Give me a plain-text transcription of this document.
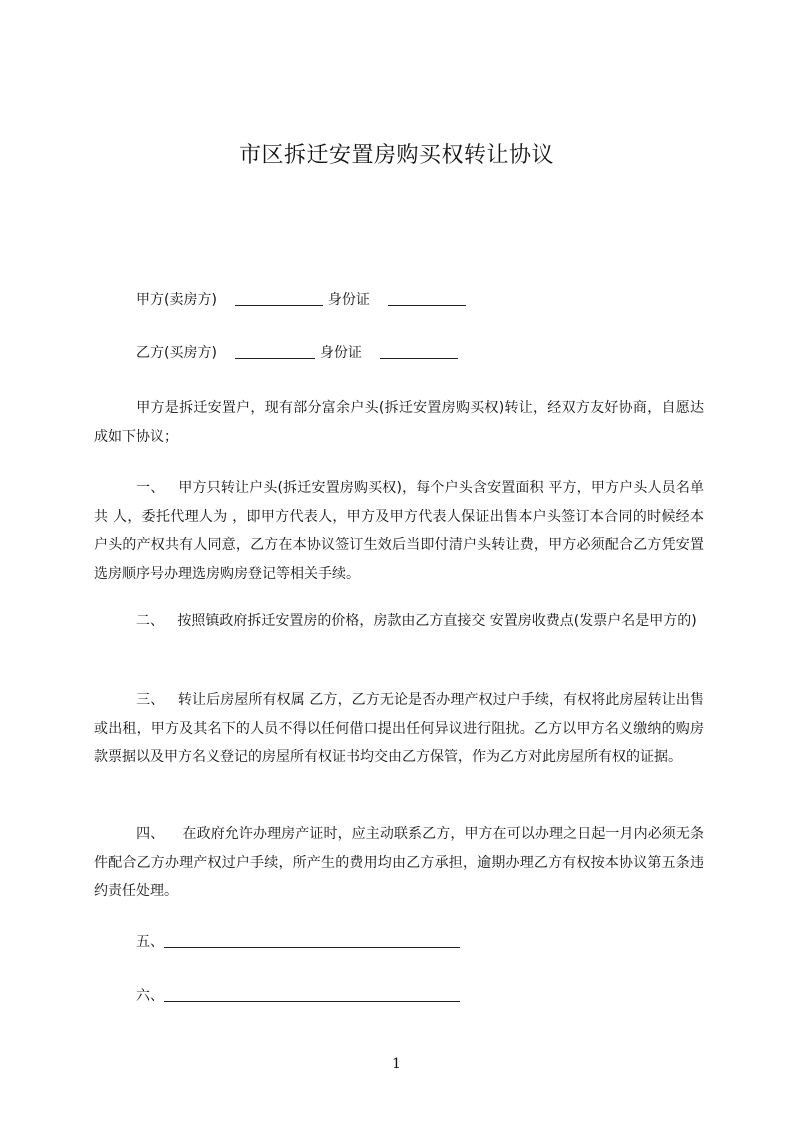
市区拆迁安置房购买权转让协议
甲方(卖房方)	身份证
乙方(买房方)	身份证
甲方是拆迁安置户，现有部分富余户头(拆迁安置房购买权)转让，经双方友好协商，自愿达成如下协议；
一、 甲方只转让户头(拆迁安置房购买权)，每个户头含安置面积 平方，甲方户头人员名单 共 人，委托代理人为 ，即甲方代表人，甲方及甲方代表人保证出售本户头签订本合同的时候经本户头的产权共有人同意，乙方在本协议签订生效后当即付清户头转让费，甲方必须配合乙方凭安置选房顺序号办理选房购房登记等相关手续。
二、 按照镇政府拆迁安置房的价格，房款由乙方直接交 安置房收费点(发票户名是甲方的)
三、 转让后房屋所有权属 乙方，乙方无论是否办理产权过户手续，有权将此房屋转让出售或出租，甲方及其名下的人员不得以任何借口提出任何异议进行阻扰。乙方以甲方名义缴纳的购房款票据以及甲方名义登记的房屋所有权证书均交由乙方保管，作为乙方对此房屋所有权的证据。
四、 在政府允许办理房产证时，应主动联系乙方，甲方在可以办理之日起一月内必须无条件配合乙方办理产权过户手续，所产生的费用均由乙方承担，逾期办理乙方有权按本协议第五条违约责任处理。
五、
六、
1
